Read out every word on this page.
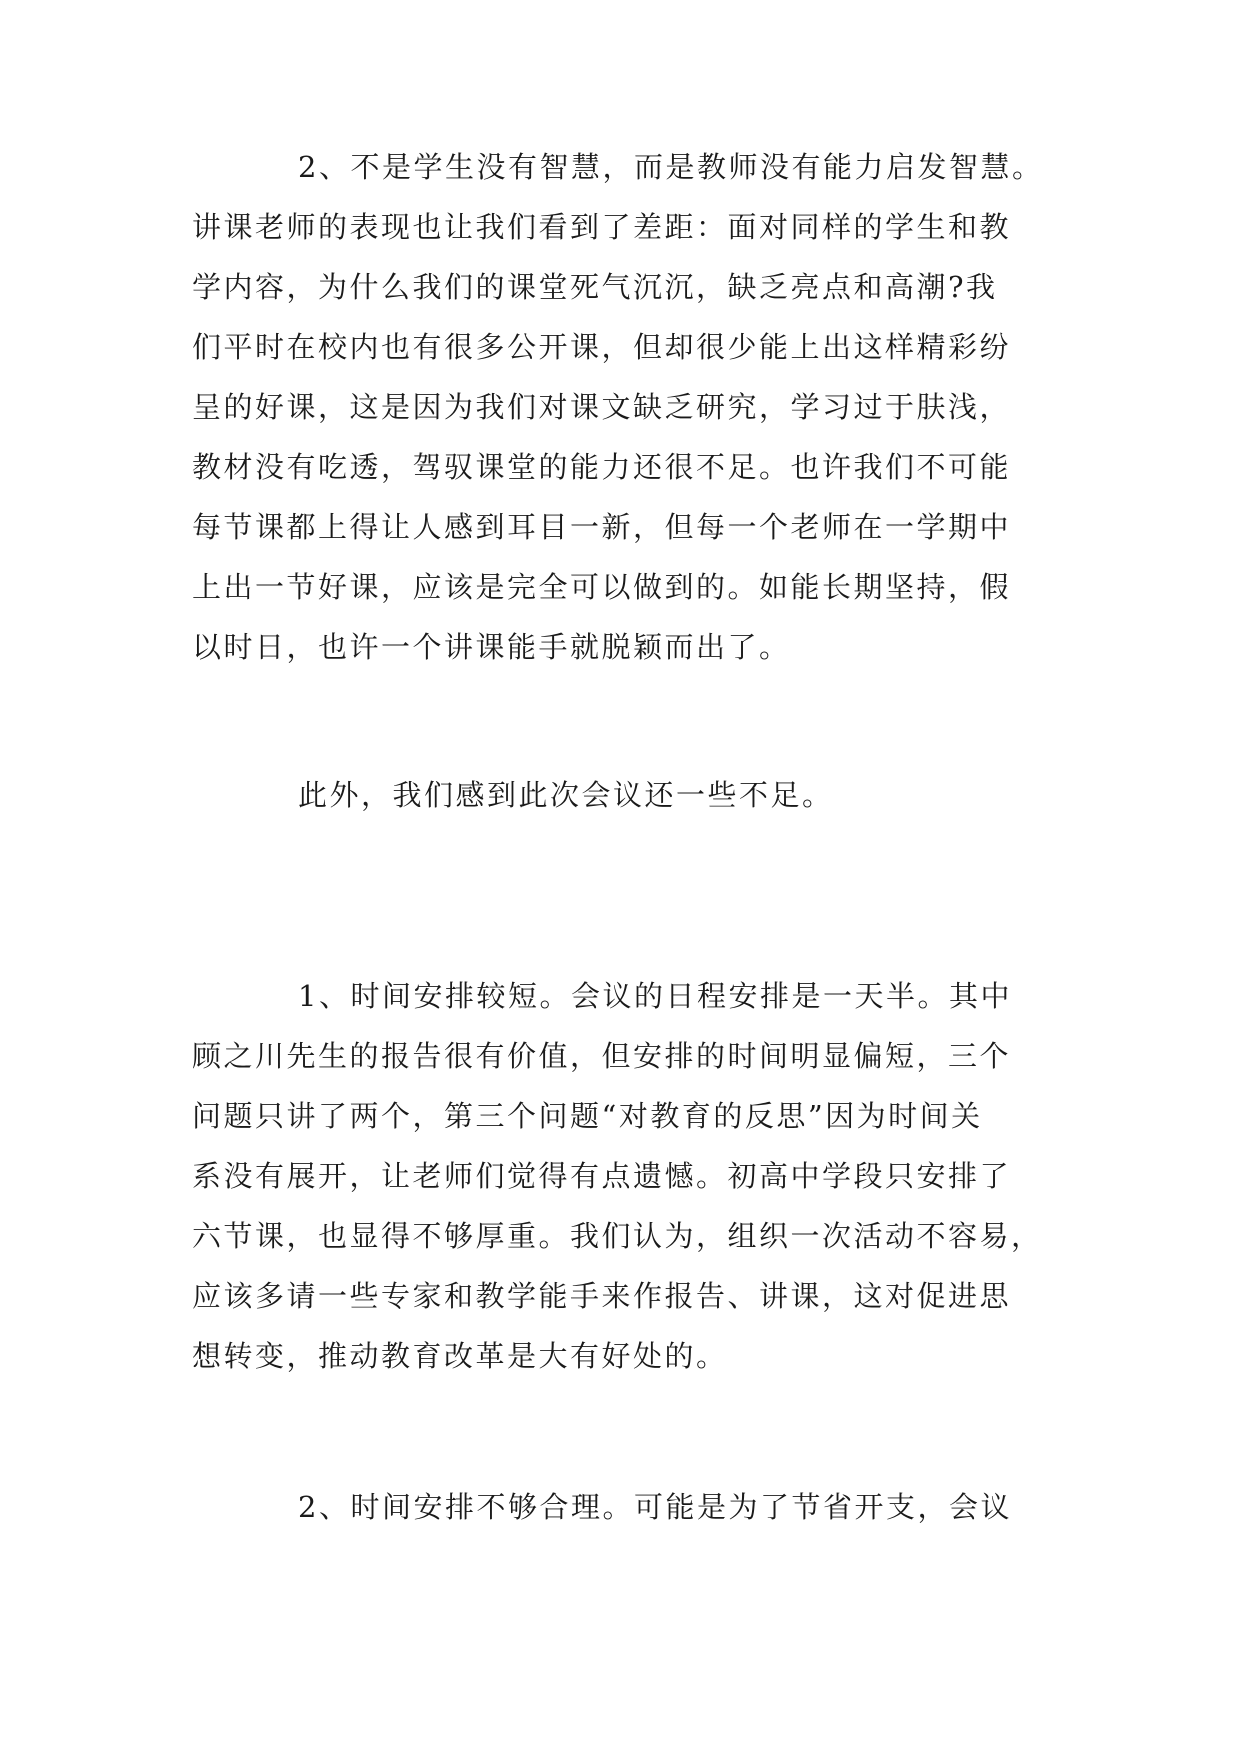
2、不是学生没有智慧，而是教师没有能力启发智慧。
讲课老师的表现也让我们看到了差距：面对同样的学生和教
学内容，为什么我们的课堂死气沉沉，缺乏亮点和高潮?我
们平时在校内也有很多公开课，但却很少能上出这样精彩纷
呈的好课，这是因为我们对课文缺乏研究，学习过于肤浅，
教材没有吃透，驾驭课堂的能力还很不足。也许我们不可能
每节课都上得让人感到耳目一新，但每一个老师在一学期中
上出一节好课，应该是完全可以做到的。如能长期坚持，假
以时日，也许一个讲课能手就脱颖而出了。
此外，我们感到此次会议还一些不足。
1、时间安排较短。会议的日程安排是一天半。其中
顾之川先生的报告很有价值，但安排的时间明显偏短，三个
问题只讲了两个，第三个问题“对教育的反思”因为时间关
系没有展开，让老师们觉得有点遗憾。初高中学段只安排了
六节课，也显得不够厚重。我们认为，组织一次活动不容易，
应该多请一些专家和教学能手来作报告、讲课，这对促进思
想转变，推动教育改革是大有好处的。
2、时间安排不够合理。可能是为了节省开支，会议
